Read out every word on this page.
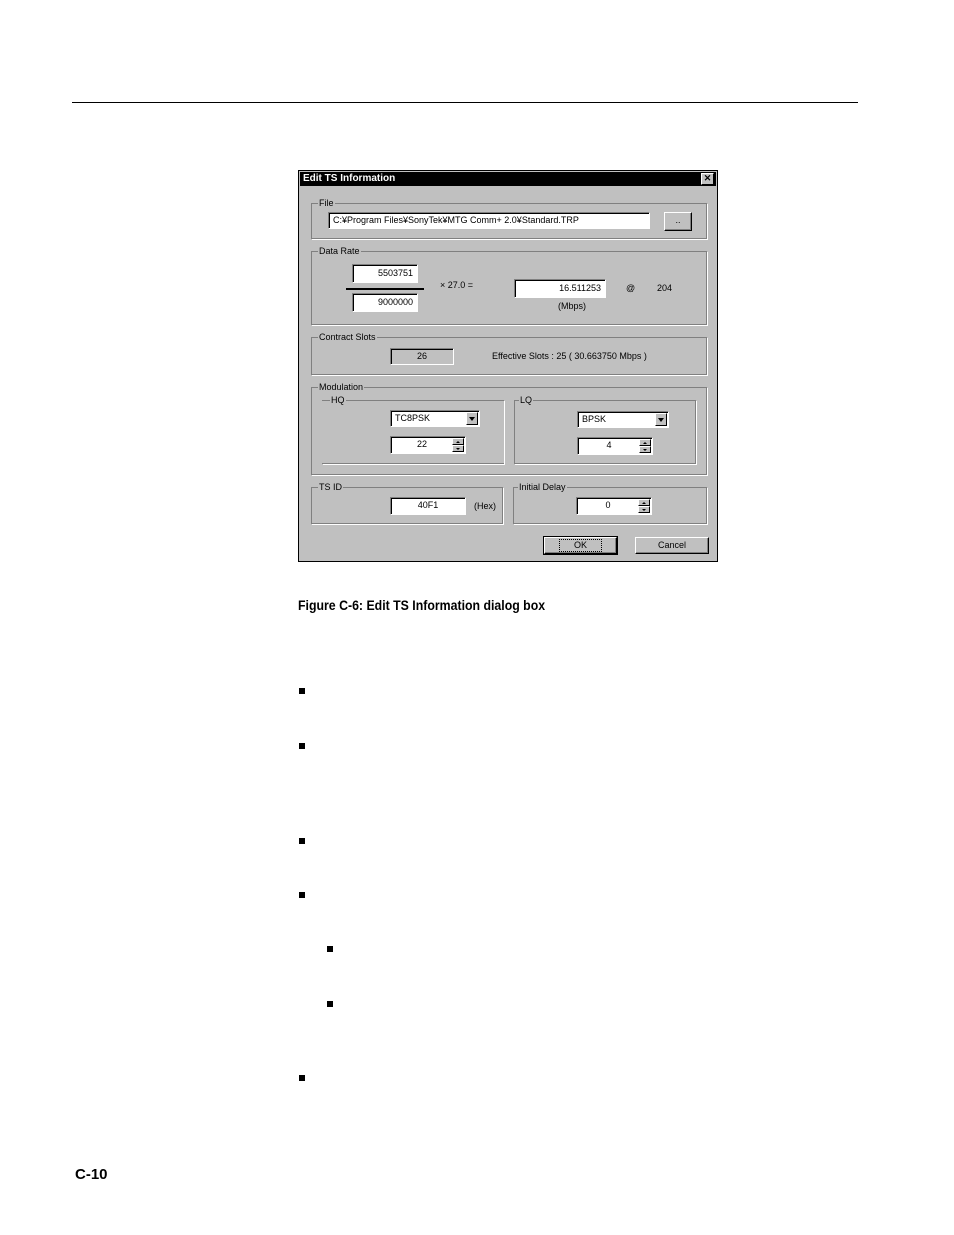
Edit TS Information	✕
File
C:¥Program Files¥SonyTek¥MTG Comm+ 2.0¥Standard.TRP	..
Data Rate
5503751
9000000
× 27.0 =	16.511253
(Mbps)
@ 204
Contract Slots
26	Effective Slots : 25 ( 30.663750 Mbps )
Modulation
HQ
TC8PSK
22
LQ
BPSK
4
TS ID
40F1	(Hex)
Initial Delay
0
OK	Cancel
Figure C-6: Edit TS Information dialog box
C-10
